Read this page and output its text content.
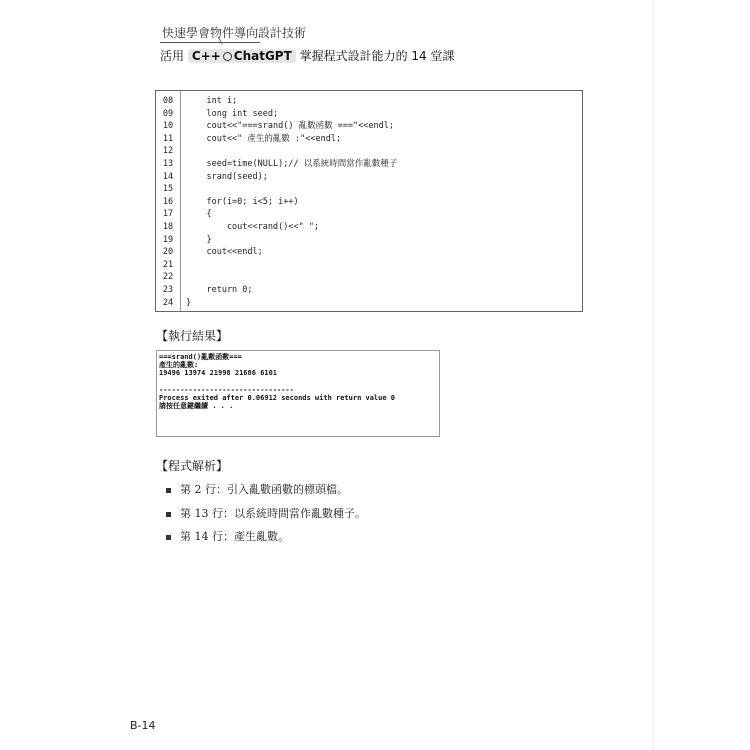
快速學會物件導向設計技術
活用 C++ ChatGPT 掌握程式設計能力的 14 堂課
08    int i;
09    long int seed;
10    cout<<"===srand() 亂數函數 ==="<<endl;
11    cout<<" 產生的亂數 :"<<endl;
12
13    seed=time(NULL);// 以系統時間當作亂數種子
14    srand(seed);
15
16    for(i=0; i<5; i++)
17    {
18        cout<<rand()<<" ";
19    }
20    cout<<endl;
21
22
23    return 0;
24 }
【執行結果】
===srand()亂數函數===
產生的亂數:
19496 13974 21998 21686 6101
--------------------------------
Process exited after 0.06912 seconds with return value 0
請按任意鍵繼續 . . .
【程式解析】
第 2 行：引入亂數函數的標頭檔。
第 13 行：以系統時間當作亂數種子。
第 14 行：產生亂數。
B-14
